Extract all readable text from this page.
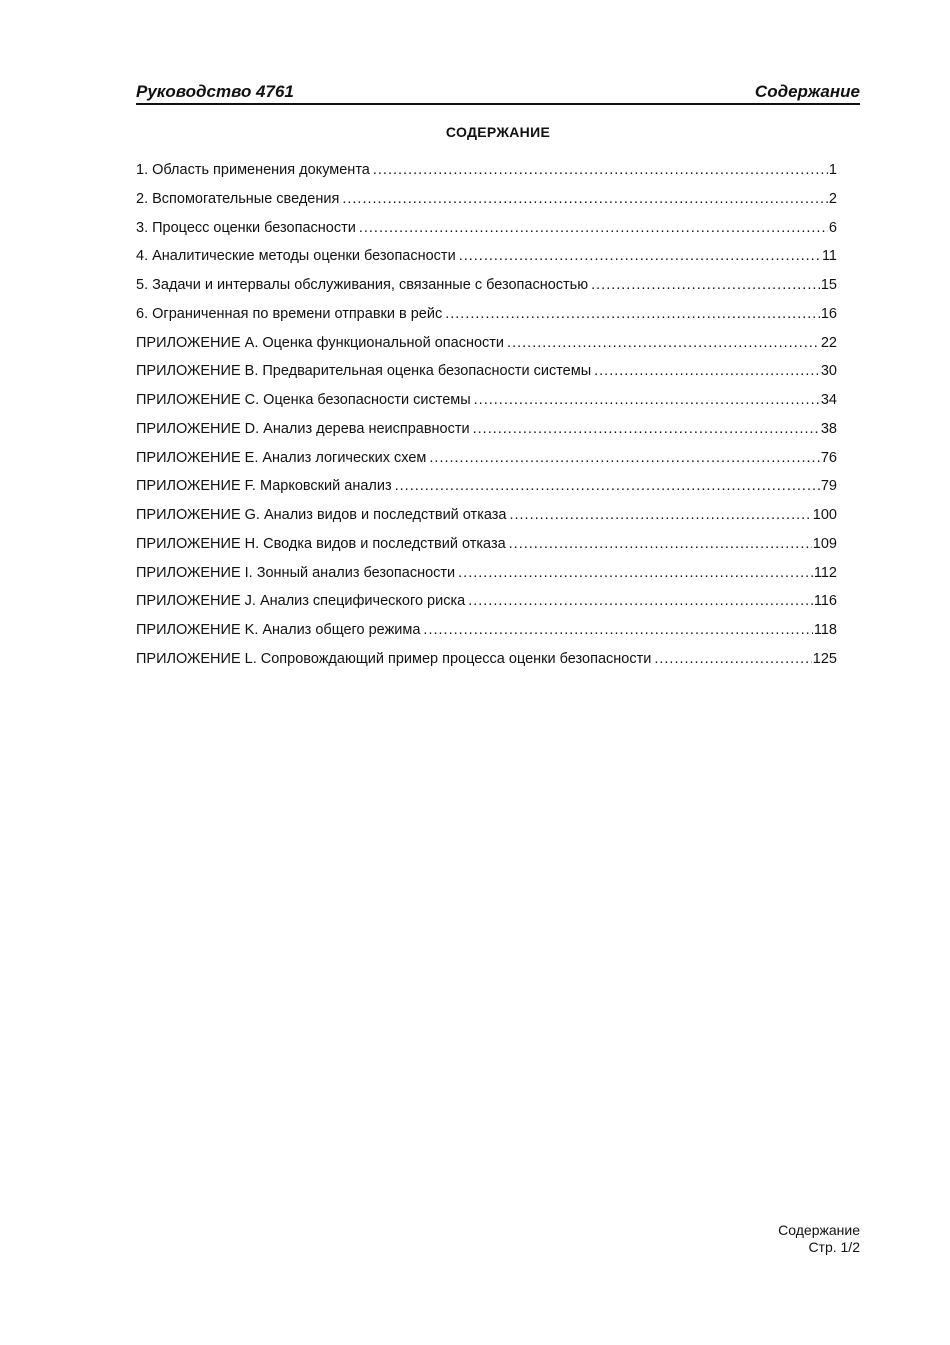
Руководство 4761	Содержание
СОДЕРЖАНИЕ
1. Область применения документа .....	1
2. Вспомогательные сведения .....	2
3. Процесс оценки безопасности .....	6
4. Аналитические методы оценки безопасности .....	11
5. Задачи и интервалы обслуживания, связанные с безопасностью .....	15
6. Ограниченная по времени отправки в рейс .....	16
ПРИЛОЖЕНИЕ A. Оценка функциональной опасности .....	22
ПРИЛОЖЕНИЕ B. Предварительная оценка безопасности системы .....	30
ПРИЛОЖЕНИЕ C. Оценка безопасности системы .....	34
ПРИЛОЖЕНИЕ D. Анализ дерева неисправности .....	38
ПРИЛОЖЕНИЕ E. Анализ логических схем .....	76
ПРИЛОЖЕНИЕ F. Марковский анализ .....	79
ПРИЛОЖЕНИЕ G. Анализ видов и последствий отказа .....	100
ПРИЛОЖЕНИЕ H. Сводка видов и последствий отказа .....	109
ПРИЛОЖЕНИЕ I. Зонный анализ безопасности .....	112
ПРИЛОЖЕНИЕ J. Анализ специфического риска .....	116
ПРИЛОЖЕНИЕ K. Анализ общего режима .....	118
ПРИЛОЖЕНИЕ L. Сопровождающий пример процесса оценки безопасности .....	125
Содержание
Стр. 1/2
